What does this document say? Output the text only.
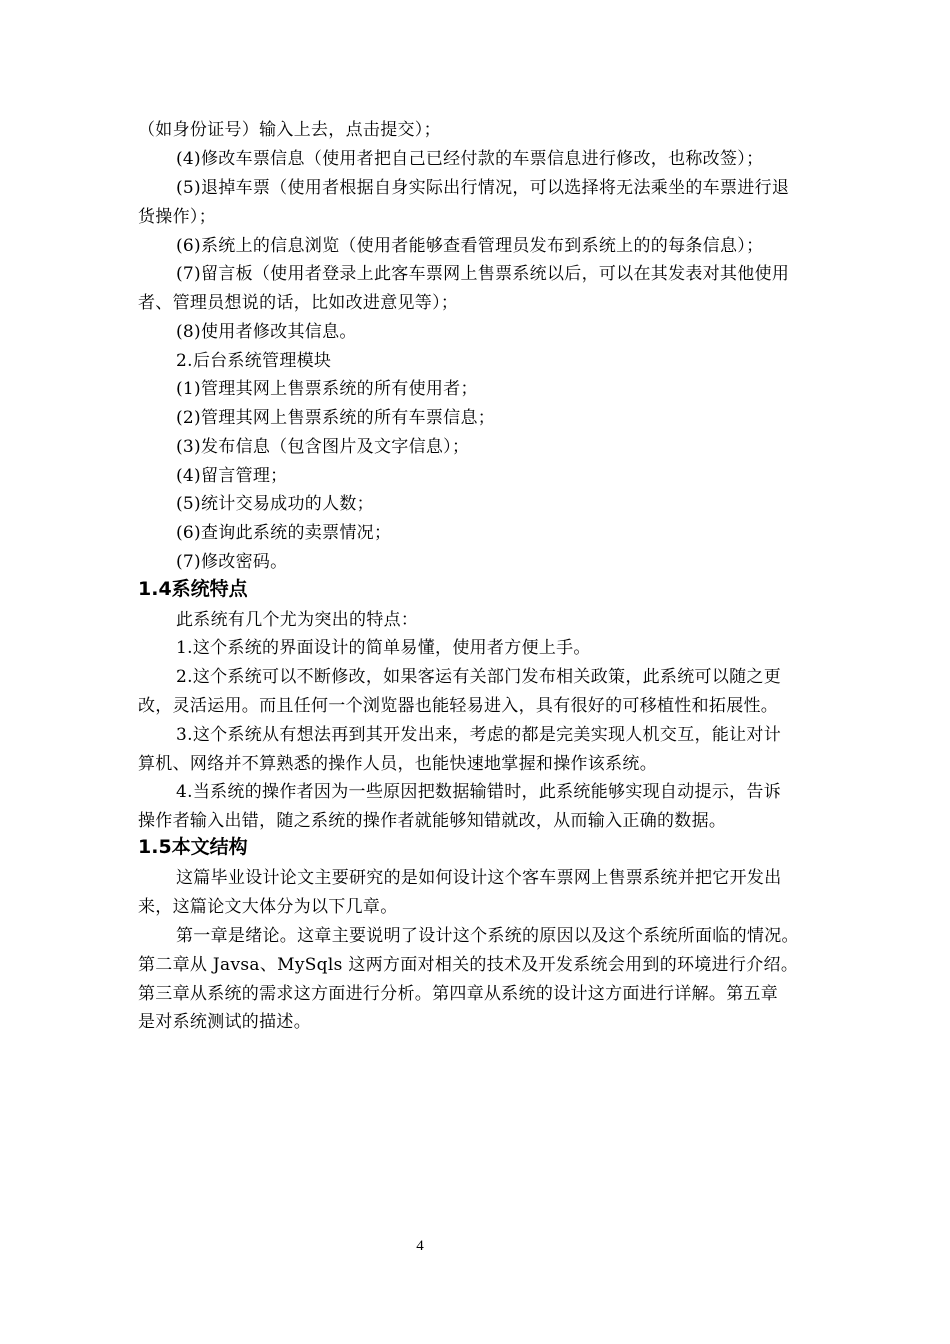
（如身份证号）输入上去，点击提交）；
(4)修改车票信息（使用者把自己已经付款的车票信息进行修改，也称改签）；
(5)退掉车票（使用者根据自身实际出行情况，可以选择将无法乘坐的车票进行退
货操作）；
(6)系统上的信息浏览（使用者能够查看管理员发布到系统上的的每条信息）；
(7)留言板（使用者登录上此客车票网上售票系统以后，可以在其发表对其他使用
者、管理员想说的话，比如改进意见等）；
(8)使用者修改其信息。
2.后台系统管理模块
(1)管理其网上售票系统的所有使用者；
(2)管理其网上售票系统的所有车票信息；
(3)发布信息（包含图片及文字信息）；
(4)留言管理；
(5)统计交易成功的人数；
(6)查询此系统的卖票情况；
(7)修改密码。
1.4系统特点
此系统有几个尤为突出的特点：
1.这个系统的界面设计的简单易懂，使用者方便上手。
2.这个系统可以不断修改，如果客运有关部门发布相关政策，此系统可以随之更
改，灵活运用。而且任何一个浏览器也能轻易进入，具有很好的可移植性和拓展性。
3.这个系统从有想法再到其开发出来，考虑的都是完美实现人机交互，能让对计
算机、网络并不算熟悉的操作人员，也能快速地掌握和操作该系统。
4.当系统的操作者因为一些原因把数据输错时，此系统能够实现自动提示，告诉
操作者输入出错，随之系统的操作者就能够知错就改，从而输入正确的数据。
1.5本文结构
这篇毕业设计论文主要研究的是如何设计这个客车票网上售票系统并把它开发出
来，这篇论文大体分为以下几章。
第一章是绪论。这章主要说明了设计这个系统的原因以及这个系统所面临的情况。
第二章从 Javsa、MySqls 这两方面对相关的技术及开发系统会用到的环境进行介绍。
第三章从系统的需求这方面进行分析。第四章从系统的设计这方面进行详解。第五章
是对系统测试的描述。
4
